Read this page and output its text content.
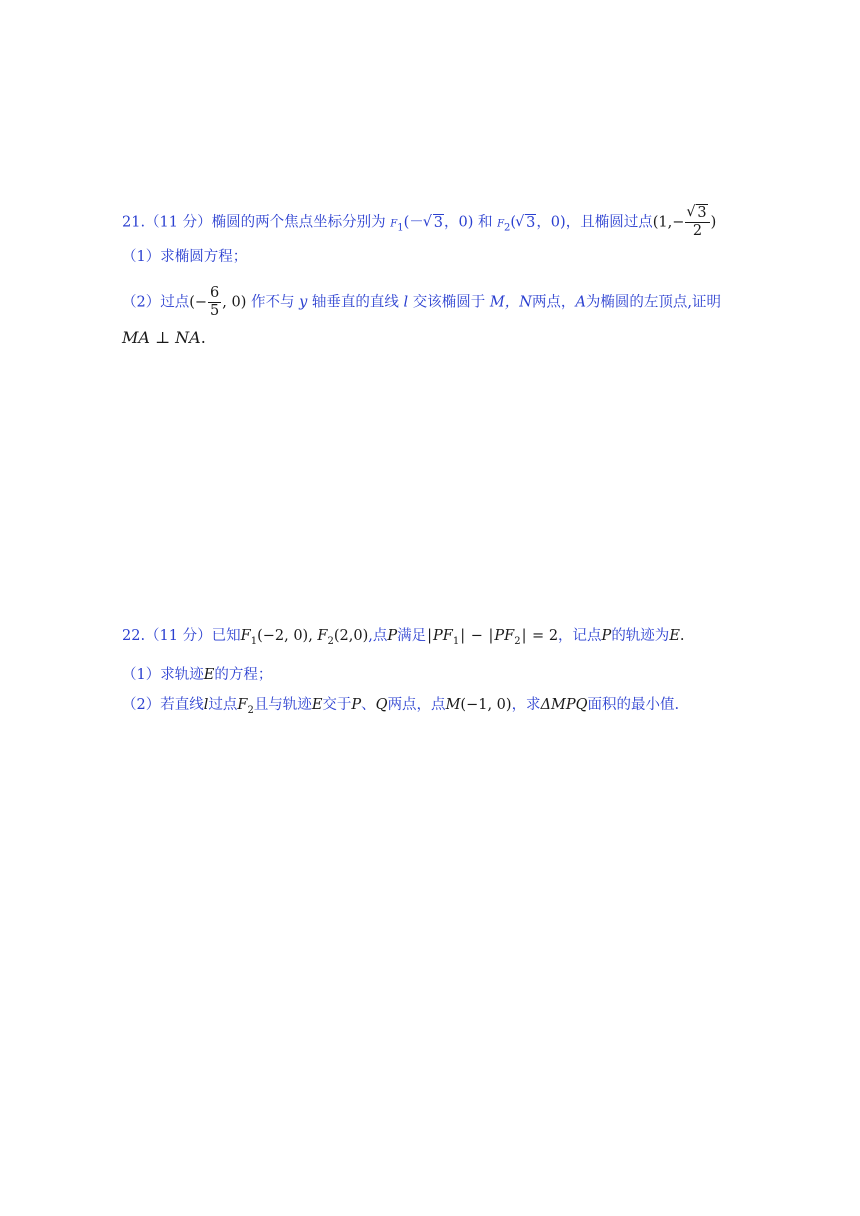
21.（11 分）椭圆的两个焦点坐标分别为 $F_1(-√$ 3，0) 和 $F_2(√$ 3，0)，且椭圆过点(1,−
√ $\frac{3}{2}$ )
（1）求椭圆方程；
（2）过点(− $\frac{6}{5}$ , 0) 作不与 y 轴垂直的直线 l 交该椭圆于 M，N两点，A为椭圆的左顶点,证明
MA ⊥ NA.
22.（11 分）已知$F_1(-2$, 0), $F_2(2,0)$,点P满足$|PF_1| - |PF_2| = 2$，记点P的轨迹为E.
（1）求轨迹E的方程；
（2）若直线l过点$F_2$且与轨迹E交于P、Q两点，点M(−1, 0)，求ΔMPQ面积的最小值.
